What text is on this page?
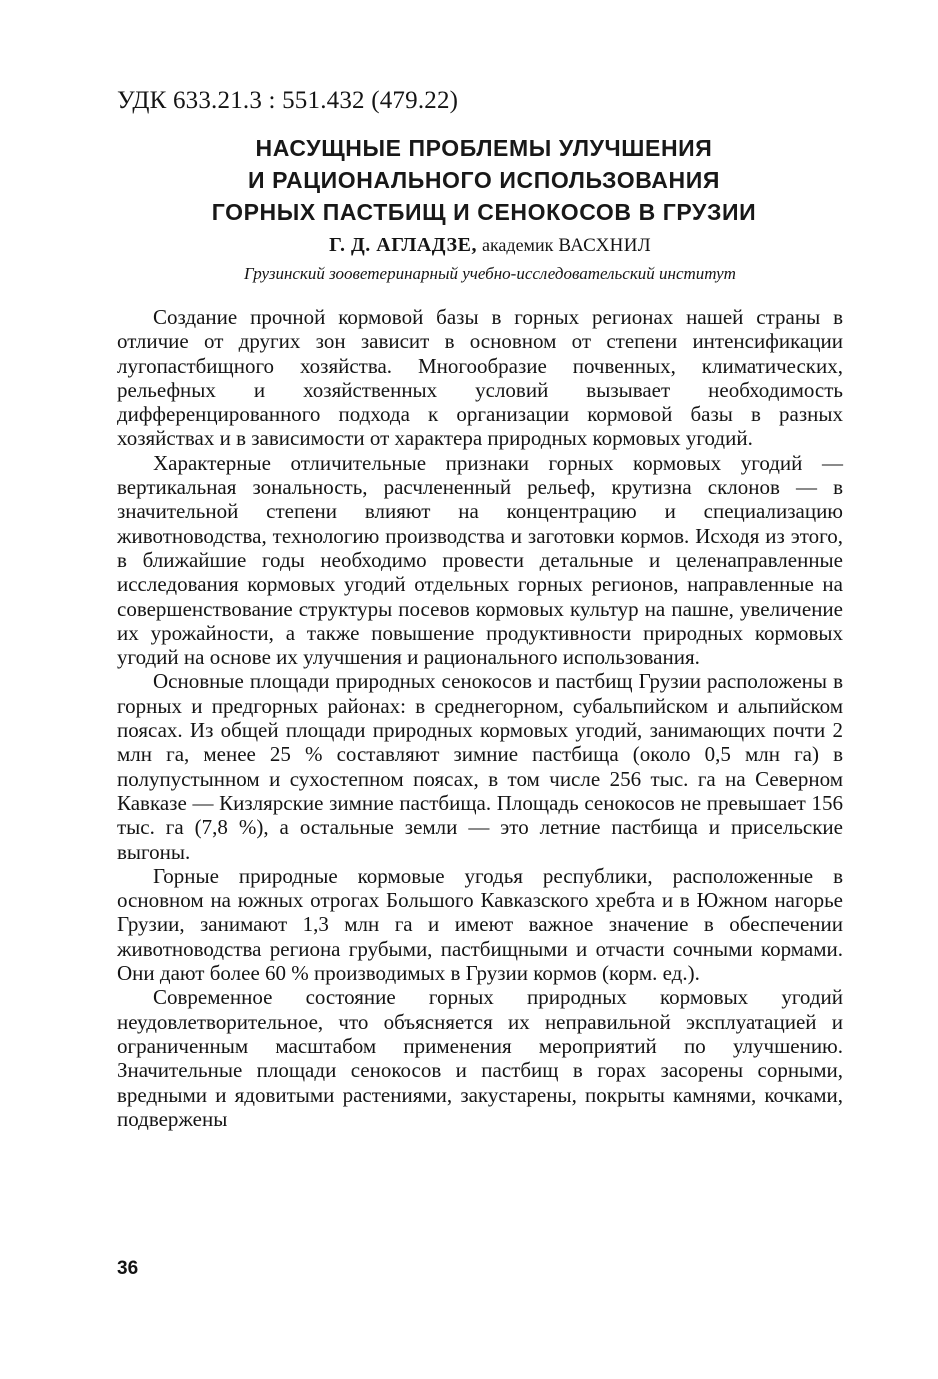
УДК 633.21.3 : 551.432 (479.22)
НАСУЩНЫЕ ПРОБЛЕМЫ УЛУЧШЕНИЯ
И РАЦИОНАЛЬНОГО ИСПОЛЬЗОВАНИЯ
ГОРНЫХ ПАСТБИЩ И СЕНОКОСОВ В ГРУЗИИ
Г. Д. АГЛАДЗЕ, академик ВАСХНИЛ
Грузинский зооветеринарный учебно-исследовательский институт

Создание прочной кормовой базы в горных регионах нашей страны в отличие от других зон зависит в основном от степени интенсификации лугопастбищного хозяйства. Многообразие почвенных, климатических, рельефных и хозяйственных условий вызывает необходимость дифференцированного подхода к организации кормовой базы в разных хозяйствах и в зависимости от характера природных кормовых угодий.

Характерные отличительные признаки горных кормовых угодий — вертикальная зональность, расчлененный рельеф, крутизна склонов — в значительной степени влияют на концентрацию и специализацию животноводства, технологию производства и заготовки кормов. Исходя из этого, в ближайшие годы необходимо провести детальные и целенаправленные исследования кормовых угодий отдельных горных регионов, направленные на совершенствование структуры посевов кормовых культур на пашне, увеличение их урожайности, а также повышение продуктивности природных кормовых угодий на основе их улучшения и рационального использования.

Основные площади природных сенокосов и пастбищ Грузии расположены в горных и предгорных районах: в среднегорном, субальпийском и альпийском поясах. Из общей площади природных кормовых угодий, занимающих почти 2 млн га, менее 25 % составляют зимние пастбища (около 0,5 млн га) в полупустынном и сухостепном поясах, в том числе 256 тыс. га на Северном Кавказе — Кизлярские зимние пастбища. Площадь сенокосов не превышает 156 тыс. га (7,8 %), а остальные земли — это летние пастбища и присельские выгоны.

Горные природные кормовые угодья республики, расположенные в основном на южных отрогах Большого Кавказского хребта и в Южном нагорье Грузии, занимают 1,3 млн га и имеют важное значение в обеспечении животноводства региона грубыми, пастбищными и отчасти сочными кормами. Они дают более 60 % производимых в Грузии кормов (корм. ед.).

Современное состояние горных природных кормовых угодий неудовлетворительное, что объясняется их неправильной эксплуатацией и ограниченным масштабом применения мероприятий по улучшению. Значительные площади сенокосов и пастбищ в горах засорены сорными, вредными и ядовитыми растениями, закустарены, покрыты камнями, кочками, подвержены

36
